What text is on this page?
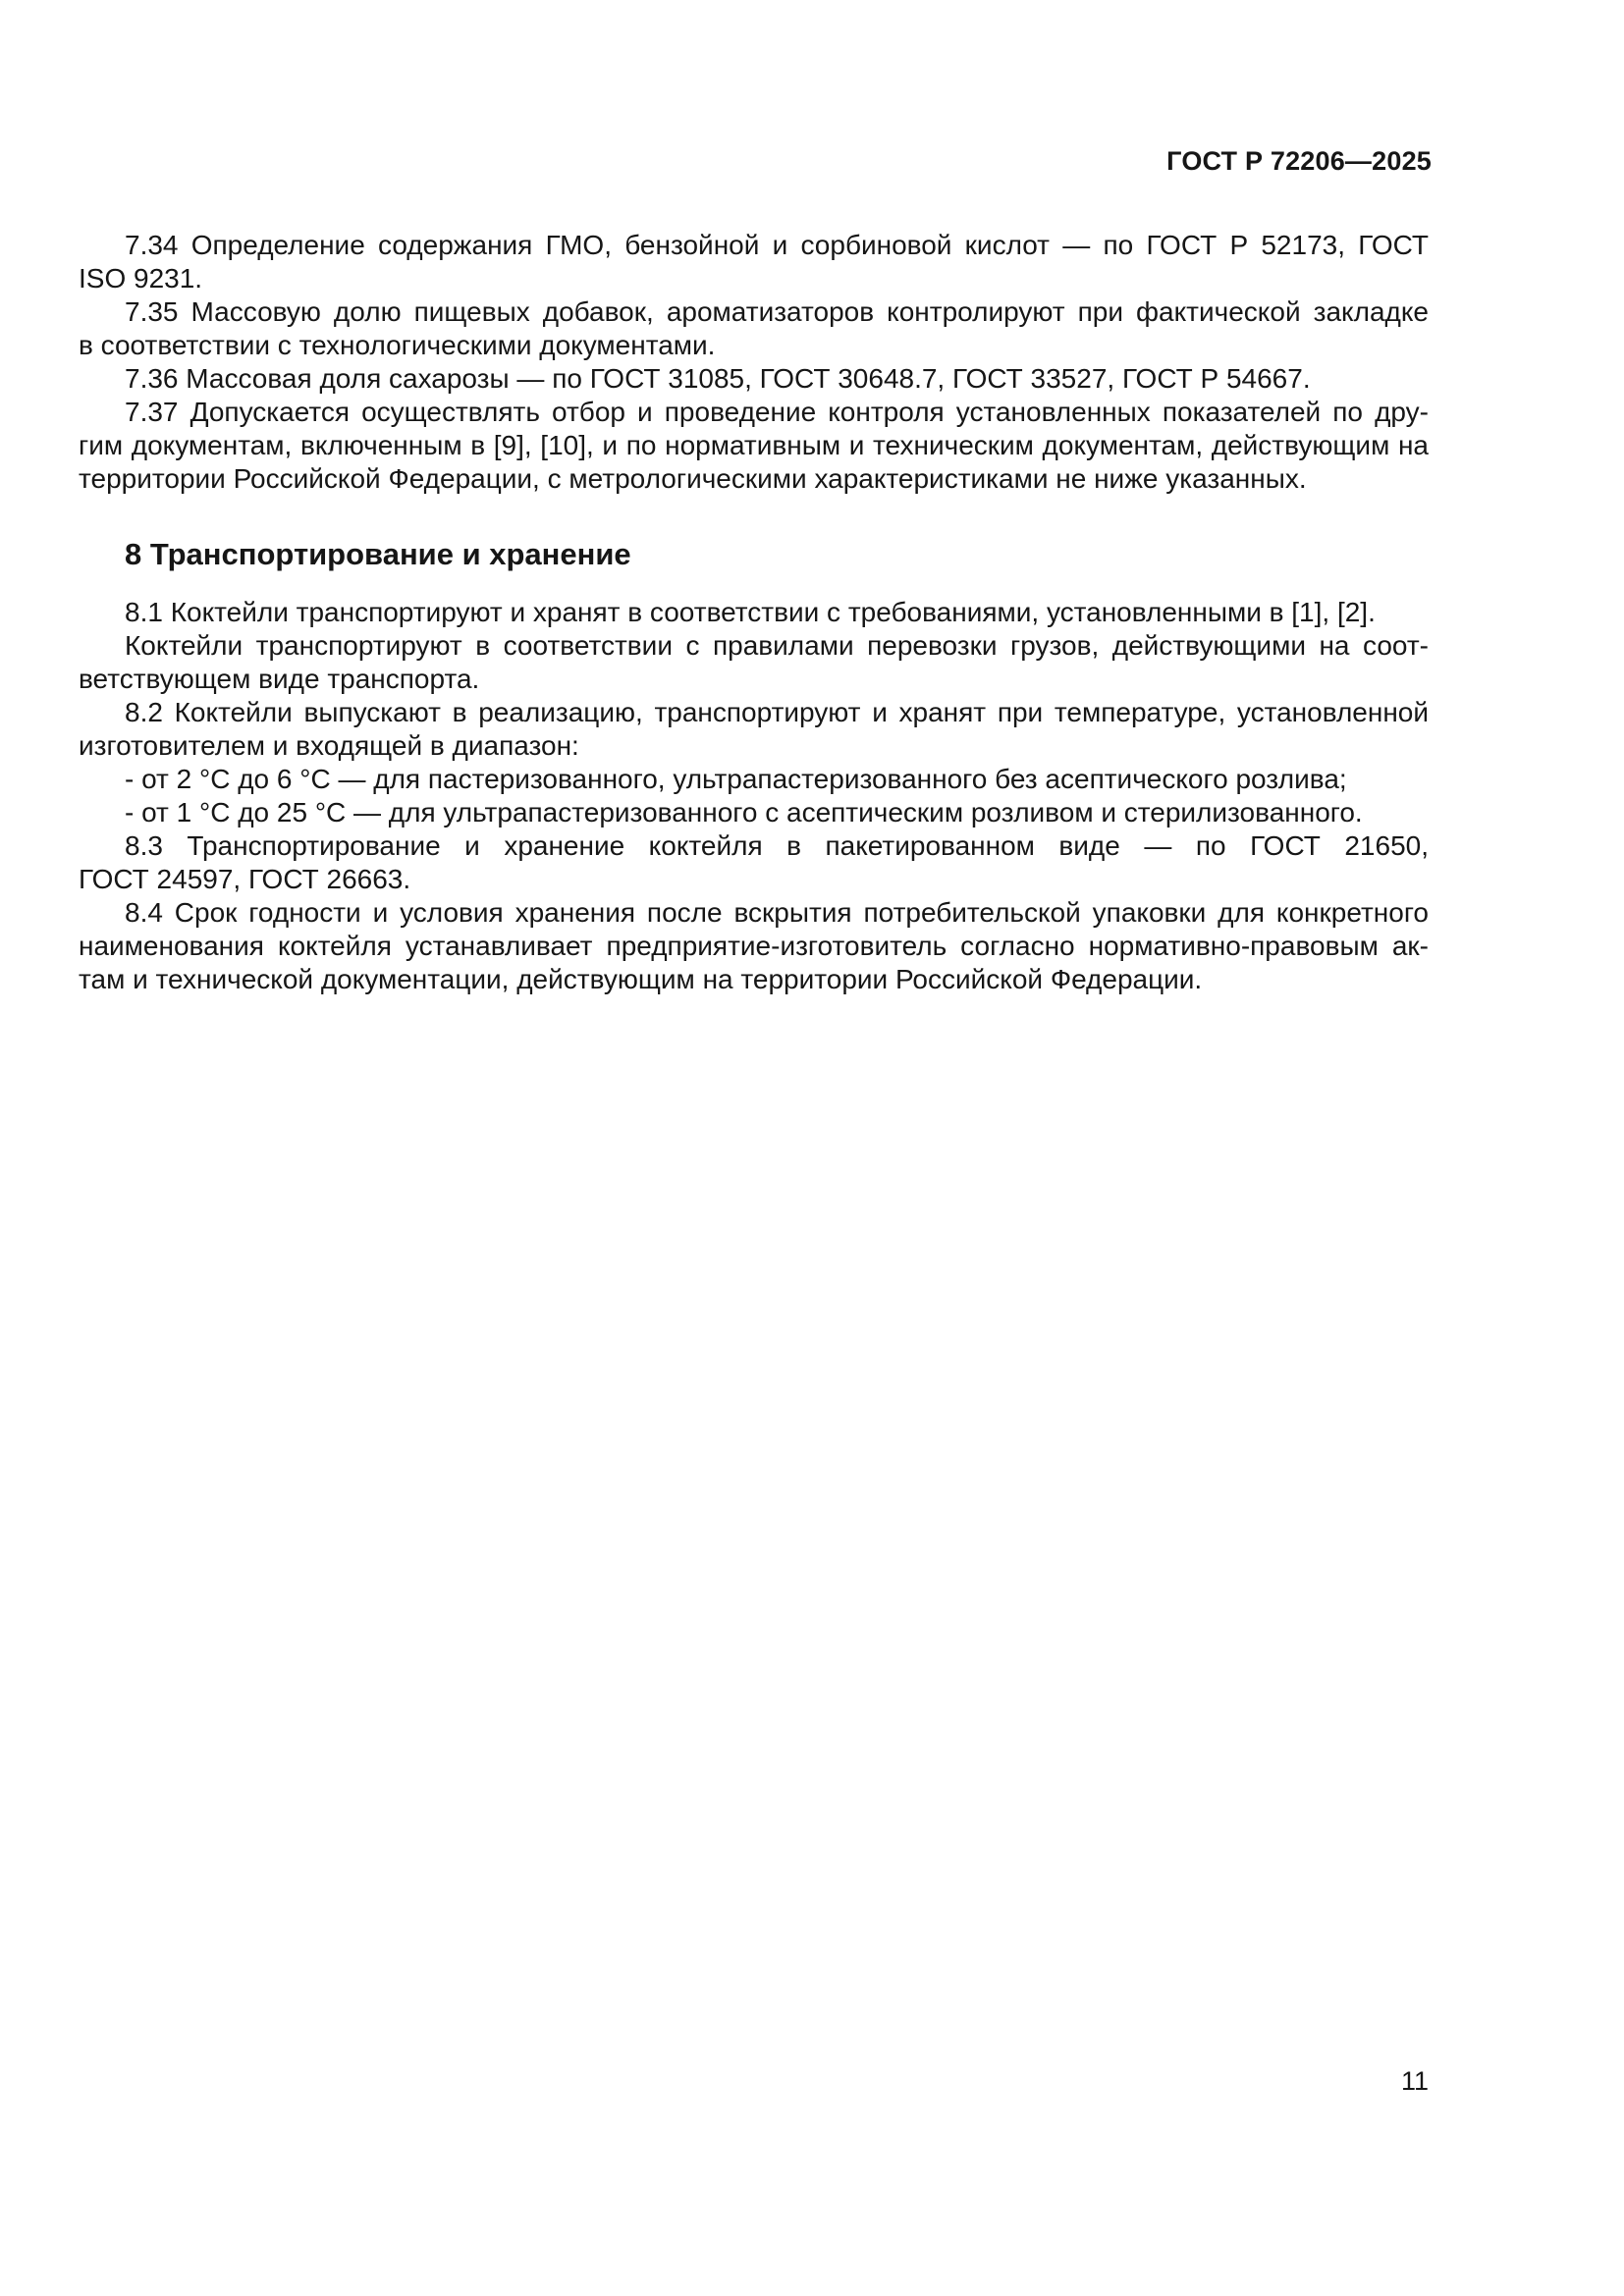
ГОСТ Р 72206—2025
7.34 Определение содержания ГМО, бензойной и сорбиновой кислот — по ГОСТ Р 52173, ГОСТ
ISO 9231.
7.35 Массовую долю пищевых добавок, ароматизаторов контролируют при фактической закладке
в соответствии с технологическими документами.
7.36 Массовая доля сахарозы — по ГОСТ 31085, ГОСТ 30648.7, ГОСТ 33527, ГОСТ Р 54667.
7.37 Допускается осуществлять отбор и проведение контроля установленных показателей по дру-
гим документам, включенным в [9], [10], и по нормативным и техническим документам, действующим на
территории Российской Федерации, с метрологическими характеристиками не ниже указанных.
8 Транспортирование и хранение
8.1 Коктейли транспортируют и хранят в соответствии с требованиями, установленными в [1], [2].
Коктейли транспортируют в соответствии с правилами перевозки грузов, действующими на соот-
ветствующем виде транспорта.
8.2 Коктейли выпускают в реализацию, транспортируют и хранят при температуре, установленной
изготовителем и входящей в диапазон:
- от 2 °С до 6 °С — для пастеризованного, ультрапастеризованного без асептического розлива;
- от 1 °С до 25 °С — для ультрапастеризованного с асептическим розливом и стерилизованного.
8.3 Транспортирование и хранение коктейля в пакетированном виде — по ГОСТ 21650,
ГОСТ 24597, ГОСТ 26663.
8.4 Срок годности и условия хранения после вскрытия потребительской упаковки для конкретного
наименования коктейля устанавливает предприятие-изготовитель согласно нормативно-правовым ак-
там и технической документации, действующим на территории Российской Федерации.
11
